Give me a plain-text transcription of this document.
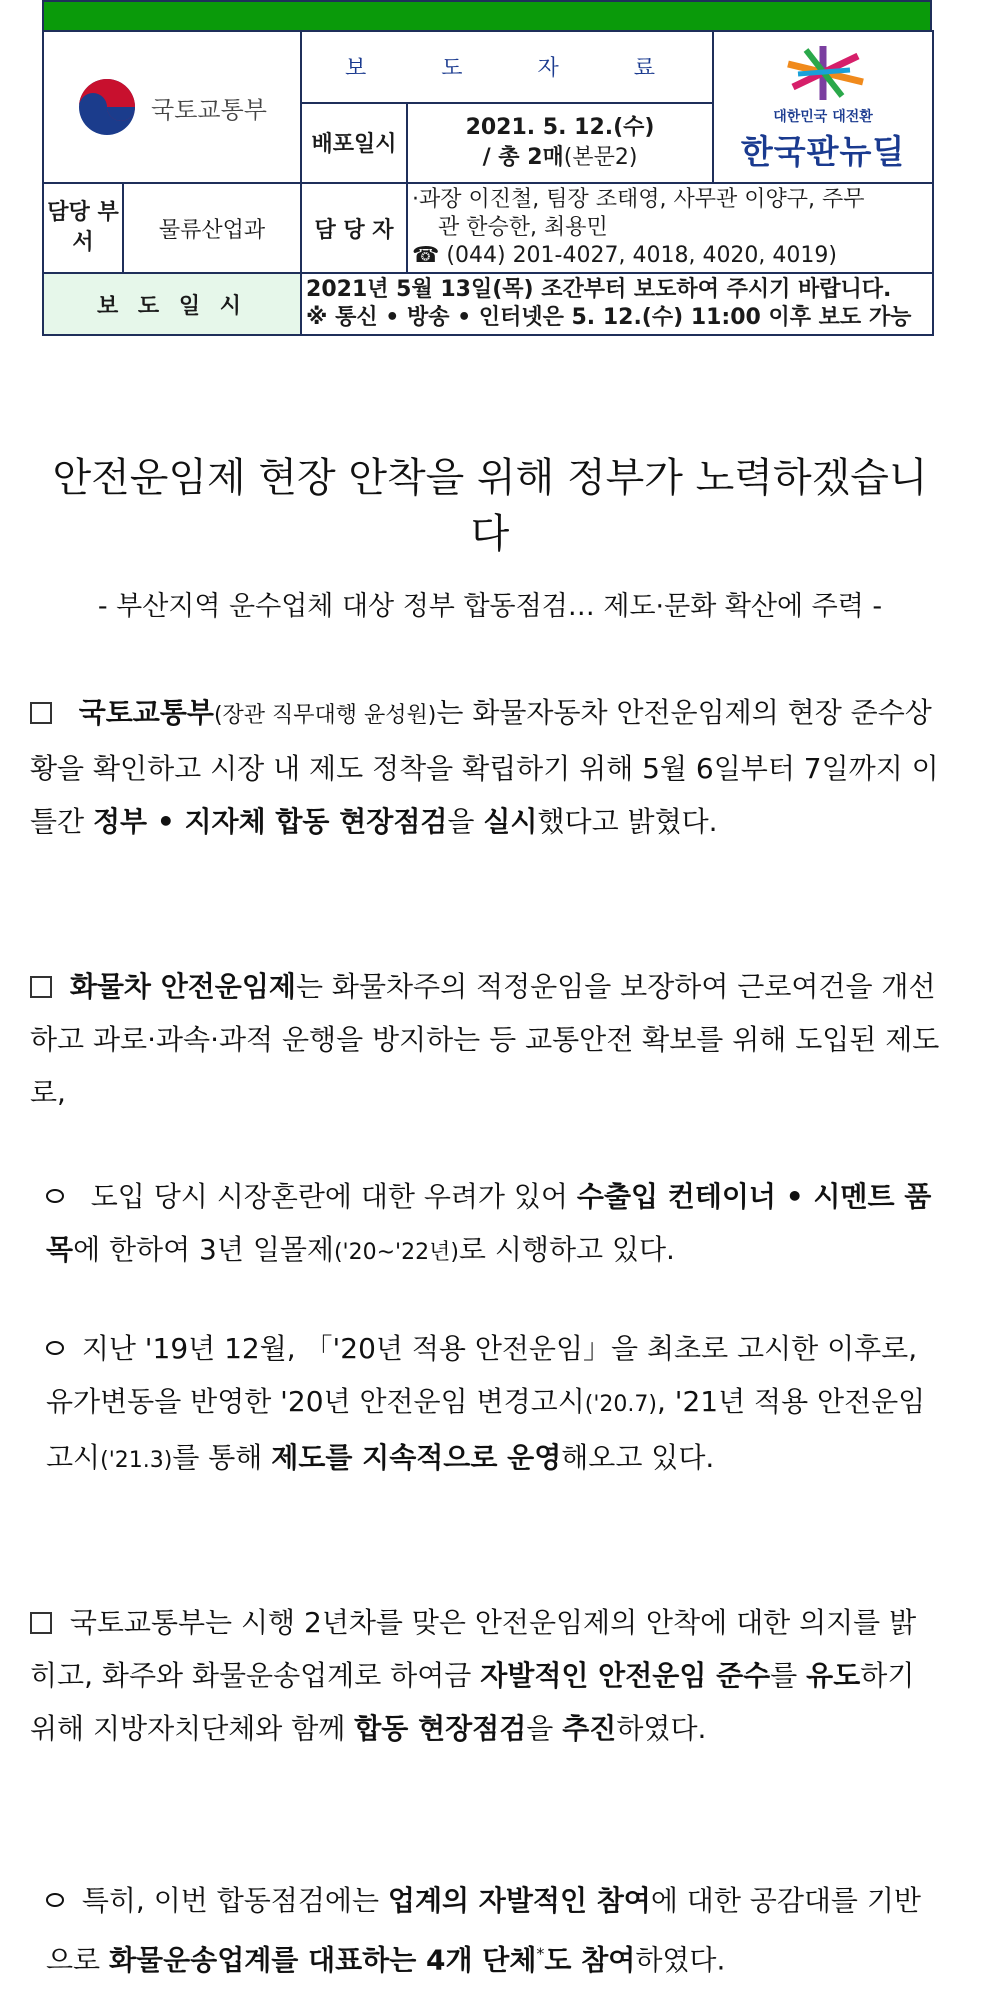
국토교통부		보 도 자 료		대한민국 대전환
한국판뉴딜

		배포일시	2021. 5. 12.(수)
/ 총 2매(본문2)	

담당 부서	물류산업과	담 당 자	·과장 이진철, 팀장 조태영, 사무관 이양구, 주무
관 한승한, 최용민
☎ (044) 201-4027, 4018, 4020, 4019)	
보 도 일 시		2021년 5월 13일(목) 조간부터 보도하여 주시기 바랍니다.
※ 통신 • 방송 • 인터넷은 5. 12.(수) 11:00 이후 보도 가능		
안전운임제 현장 안착을 위해 정부가 노력하겠습니다
- 부산지역 운수업체 대상 정부 합동점검… 제도·문화 확산에 주력 -
국토교통부(장관 직무대행 윤성원)는 화물자동차 안전운임제의 현장 준수상황을 확인하고 시장 내 제도 정착을 확립하기 위해 5월 6일부터 7일까지 이틀간 정부 • 지자체 합동 현장점검을 실시했다고 밝혔다.
화물차 안전운임제는 화물차주의 적정운임을 보장하여 근로여건을 개선하고 과로·과속·과적 운행을 방지하는 등 교통안전 확보를 위해 도입된 제도로,
도입 당시 시장혼란에 대한 우려가 있어 수출입 컨테이너 • 시멘트 품목에 한하여 3년 일몰제('20~'22년)로 시행하고 있다.
지난 '19년 12월, 「'20년 적용 안전운임」을 최초로 고시한 이후로, 유가변동을 반영한 '20년 안전운임 변경고시('20.7), '21년 적용 안전운임 고시('21.3)를 통해 제도를 지속적으로 운영해오고 있다.
국토교통부는 시행 2년차를 맞은 안전운임제의 안착에 대한 의지를 밝히고, 화주와 화물운송업계로 하여금 자발적인 안전운임 준수를 유도하기 위해 지방자치단체와 함께 합동 현장점검을 추진하였다.
특히, 이번 합동점검에는 업계의 자발적인 참여에 대한 공감대를 기반으로 화물운송업계를 대표하는 4개 단체*도 참여하였다.
